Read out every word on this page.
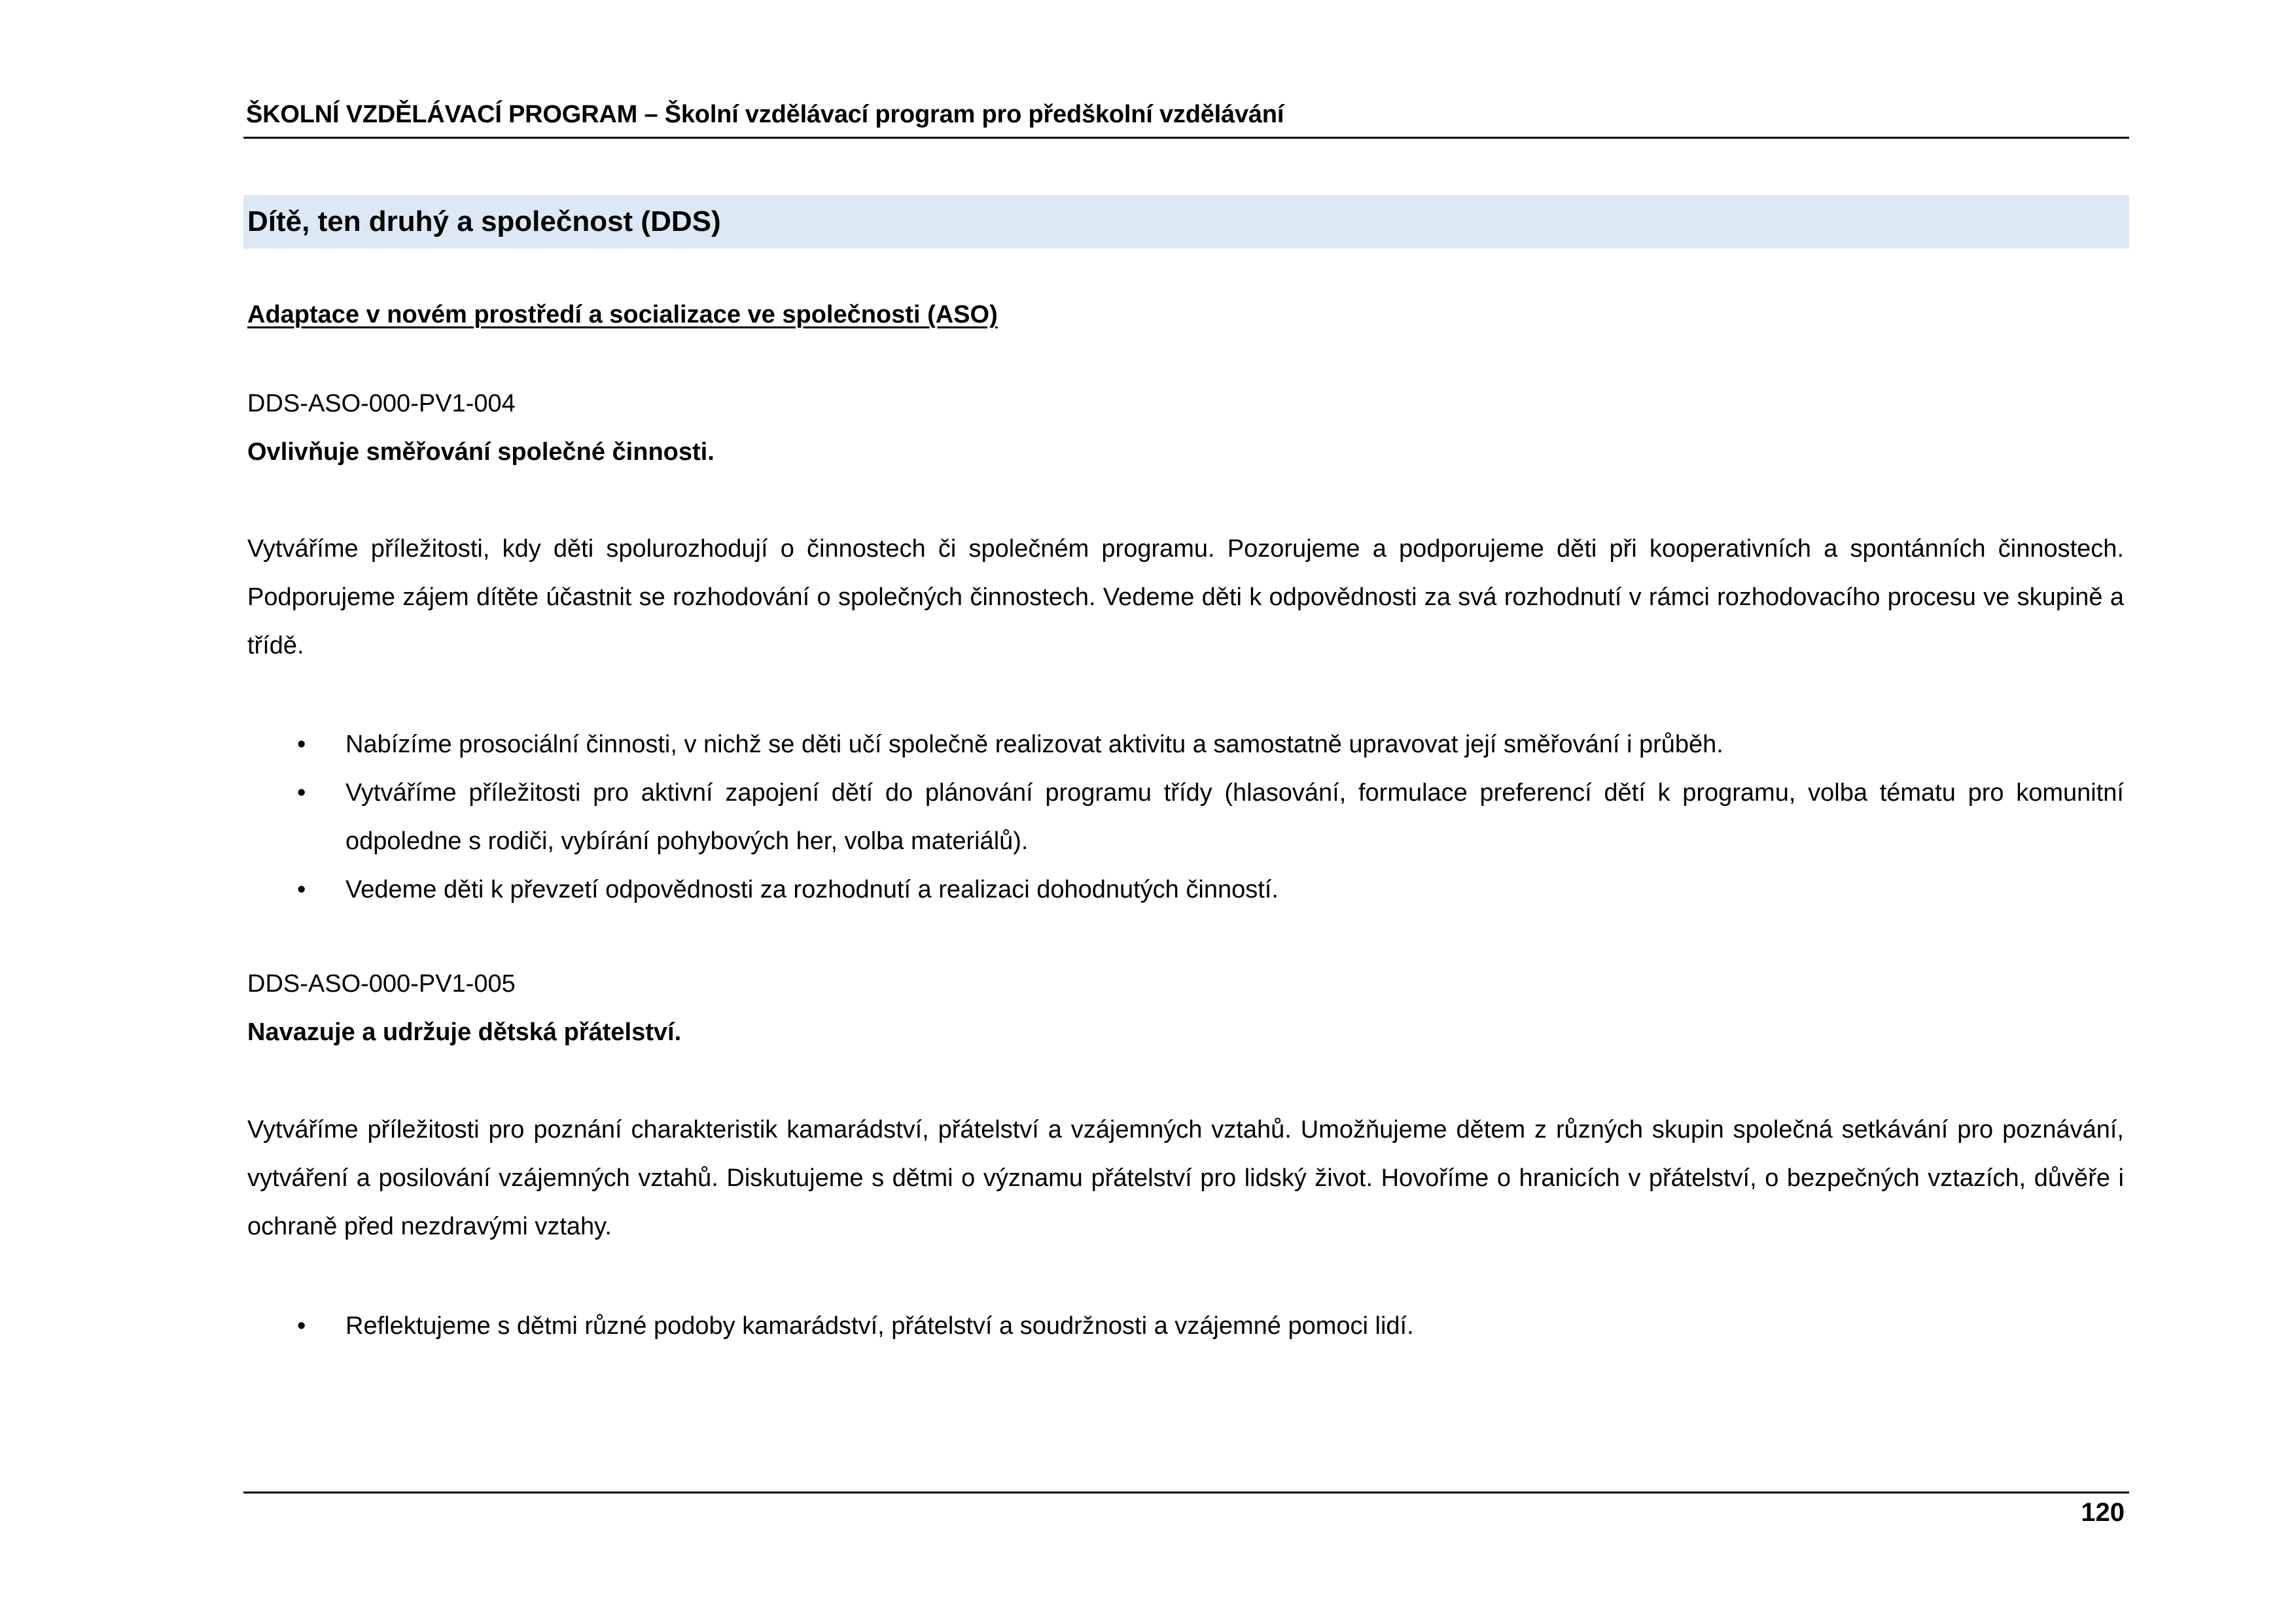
ŠKOLNÍ VZDĚLÁVACÍ PROGRAM – Školní vzdělávací program pro předškolní vzdělávání
Dítě, ten druhý a společnost (DDS)
Adaptace v novém prostředí a socializace ve společnosti (ASO)
DDS-ASO-000-PV1-004
Ovlivňuje směřování společné činnosti.
Vytváříme příležitosti, kdy děti spolurozhodují o činnostech či společném programu. Pozorujeme a podporujeme děti při kooperativních a spontánních činnostech. Podporujeme zájem dítěte účastnit se rozhodování o společných činnostech. Vedeme děti k odpovědnosti za svá rozhodnutí v rámci rozhodovacího procesu ve skupině a třídě.
• Nabízíme prosociální činnosti, v nichž se děti učí společně realizovat aktivitu a samostatně upravovat její směřování i průběh.
• Vytváříme příležitosti pro aktivní zapojení dětí do plánování programu třídy (hlasování, formulace preferencí dětí k programu, volba tématu pro komunitní odpoledne s rodiči, vybírání pohybových her, volba materiálů).
• Vedeme děti k převzetí odpovědnosti za rozhodnutí a realizaci dohodnutých činností.
DDS-ASO-000-PV1-005
Navazuje a udržuje dětská přátelství.
Vytváříme příležitosti pro poznání charakteristik kamarádství, přátelství a vzájemných vztahů. Umožňujeme dětem z různých skupin společná setkávání pro poznávání, vytváření a posilování vzájemných vztahů. Diskutujeme s dětmi o významu přátelství pro lidský život. Hovoříme o hranicích v přátelství, o bezpečných vztazích, důvěře i ochraně před nezdravými vztahy.
• Reflektujeme s dětmi různé podoby kamarádství, přátelství a soudržnosti a vzájemné pomoci lidí.
120
